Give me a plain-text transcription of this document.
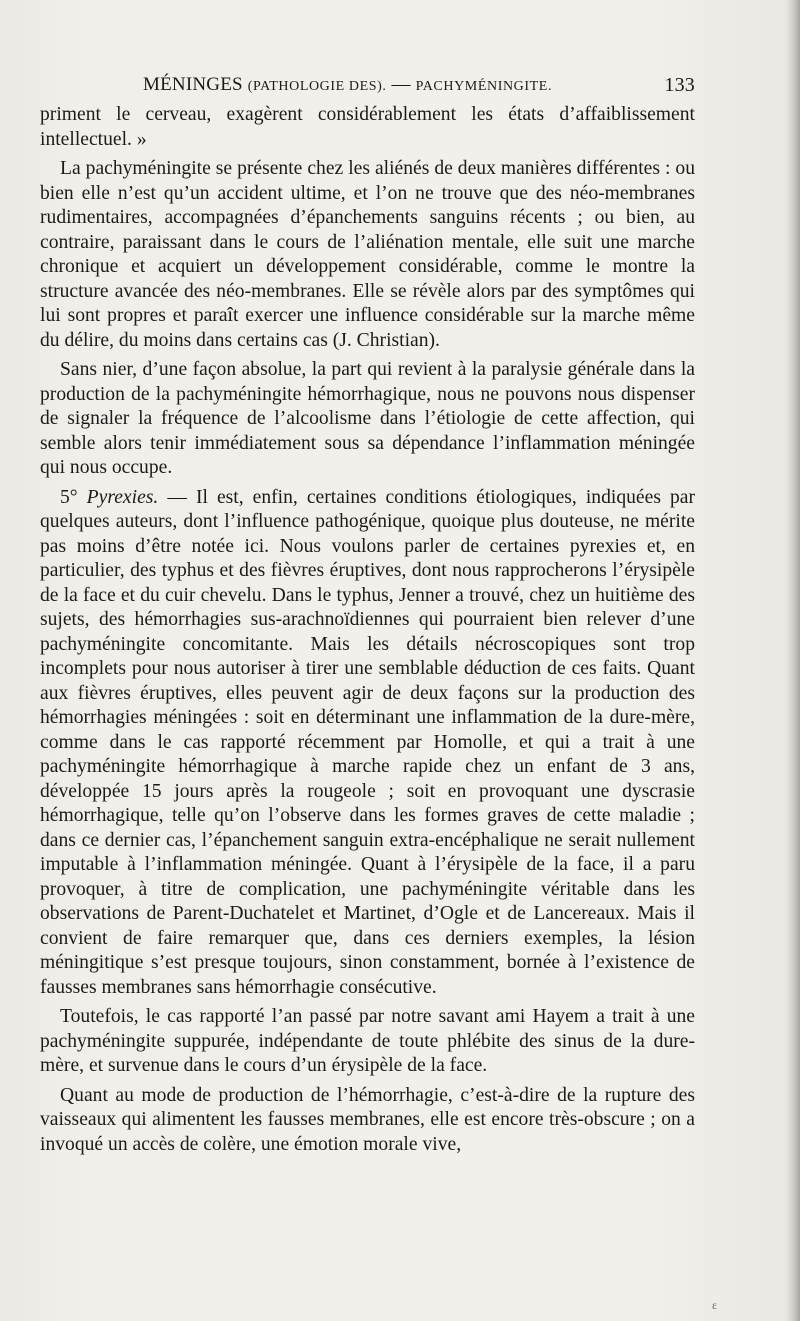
MÉNINGES (PATHOLOGIE DES). — PACHYMÉNINGITE.	133

priment le cerveau, exagèrent considérablement les états d’affaiblissement intellectuel. »

La pachyméningite se présente chez les aliénés de deux manières différentes : ou bien elle n’est qu’un accident ultime, et l’on ne trouve que des néo-membranes rudimentaires, accompagnées d’épanchements sanguins récents ; ou bien, au contraire, paraissant dans le cours de l’aliénation mentale, elle suit une marche chronique et acquiert un développement considérable, comme le montre la structure avancée des néo-membranes. Elle se révèle alors par des symptômes qui lui sont propres et paraît exercer une influence considérable sur la marche même du délire, du moins dans certains cas (J. Christian).

Sans nier, d’une façon absolue, la part qui revient à la paralysie générale dans la production de la pachyméningite hémorrhagique, nous ne pouvons nous dispenser de signaler la fréquence de l’alcoolisme dans l’étiologie de cette affection, qui semble alors tenir immédiatement sous sa dépendance l’inflammation méningée qui nous occupe.

5° Pyrexies. — Il est, enfin, certaines conditions étiologiques, indiquées par quelques auteurs, dont l’influence pathogénique, quoique plus douteuse, ne mérite pas moins d’être notée ici. Nous voulons parler de certaines pyrexies et, en particulier, des typhus et des fièvres éruptives, dont nous rapprocherons l’érysipèle de la face et du cuir chevelu. Dans le typhus, Jenner a trouvé, chez un huitième des sujets, des hémorrhagies sus-arachnoïdiennes qui pourraient bien relever d’une pachyméningite concomitante. Mais les détails nécroscopiques sont trop incomplets pour nous autoriser à tirer une semblable déduction de ces faits. Quant aux fièvres éruptives, elles peuvent agir de deux façons sur la production des hémorrhagies méningées : soit en déterminant une inflammation de la dure-mère, comme dans le cas rapporté récemment par Homolle, et qui a trait à une pachyméningite hémorrhagique à marche rapide chez un enfant de 3 ans, développée 15 jours après la rougeole ; soit en provoquant une dyscrasie hémorrhagique, telle qu’on l’observe dans les formes graves de cette maladie ; dans ce dernier cas, l’épanchement sanguin extra-encéphalique ne serait nullement imputable à l’inflammation méningée. Quant à l’érysipèle de la face, il a paru provoquer, à titre de complication, une pachyméningite véritable dans les observations de Parent-Duchatelet et Martinet, d’Ogle et de Lancereaux. Mais il convient de faire remarquer que, dans ces derniers exemples, la lésion méningitique s’est presque toujours, sinon constamment, bornée à l’existence de fausses membranes sans hémorrhagie consécutive.

Toutefois, le cas rapporté l’an passé par notre savant ami Hayem a trait à une pachyméningite suppurée, indépendante de toute phlébite des sinus de la dure-mère, et survenue dans le cours d’un érysipèle de la face.

Quant au mode de production de l’hémorrhagie, c’est-à-dire de la rupture des vaisseaux qui alimentent les fausses membranes, elle est encore très-obscure ; on a invoqué un accès de colère, une émotion morale vive,

ɛ
